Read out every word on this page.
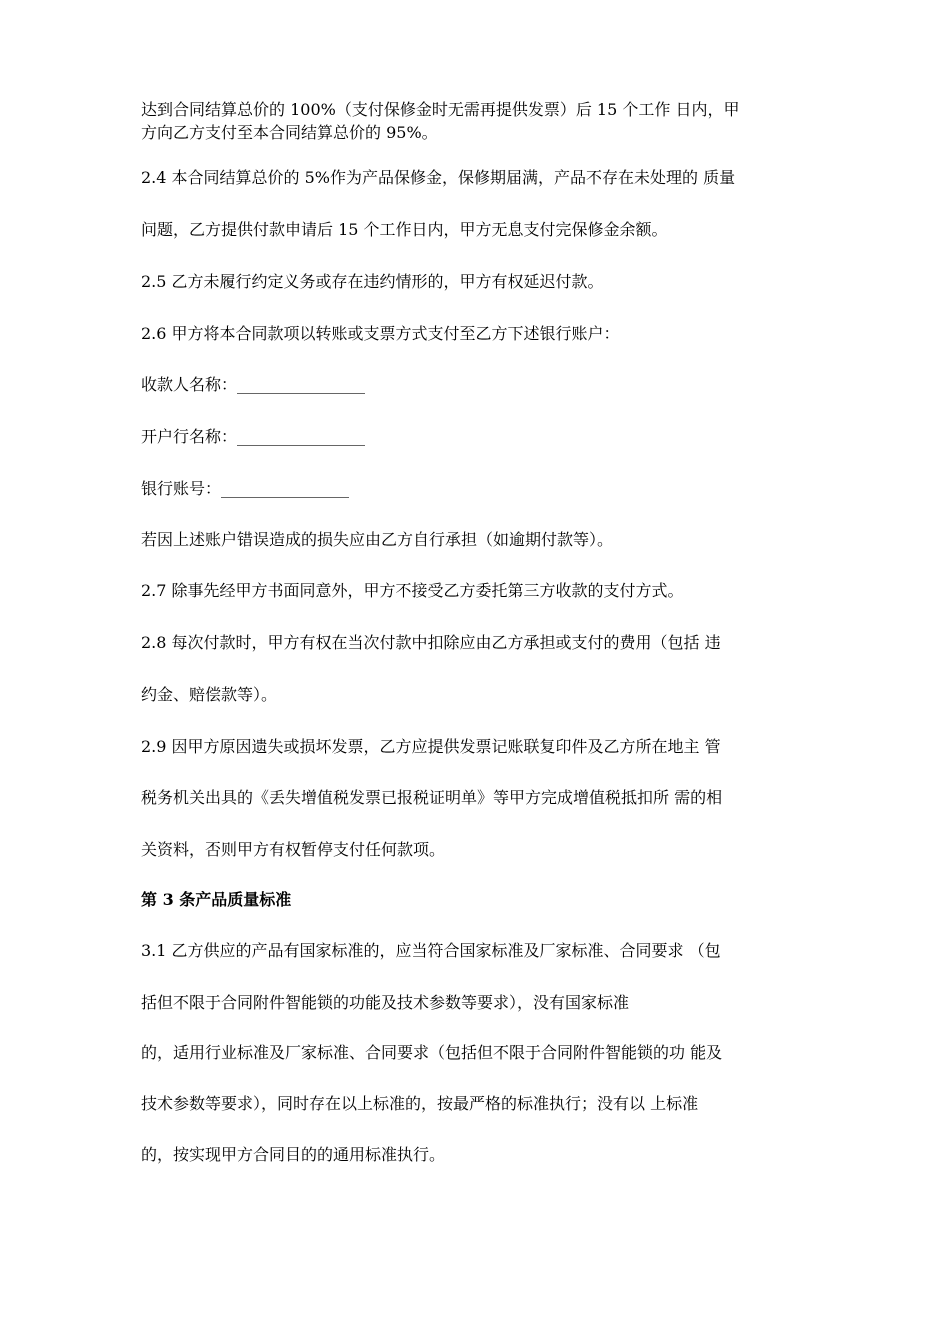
达到合同结算总价的 100%（支付保修金时无需再提供发票）后 15 个工作 日内，甲
方向乙方支付至本合同结算总价的 95%。
2.4 本合同结算总价的 5%作为产品保修金，保修期届满，产品不存在未处理的 质量
问题，乙方提供付款申请后 15 个工作日内，甲方无息支付完保修金余额。
2.5 乙方未履行约定义务或存在违约情形的，甲方有权延迟付款。
2.6 甲方将本合同款项以转账或支票方式支付至乙方下述银行账户：
收款人名称：________________
开户行名称：________________
银行账号：________________
若因上述账户错误造成的损失应由乙方自行承担（如逾期付款等）。
2.7 除事先经甲方书面同意外，甲方不接受乙方委托第三方收款的支付方式。
2.8 每次付款时，甲方有权在当次付款中扣除应由乙方承担或支付的费用（包括 违
约金、赔偿款等）。
2.9 因甲方原因遗失或损坏发票，乙方应提供发票记账联复印件及乙方所在地主 管
税务机关出具的《丢失增值税发票已报税证明单》等甲方完成增值税抵扣所 需的相
关资料，否则甲方有权暂停支付任何款项。
第 3 条产品质量标准
3.1 乙方供应的产品有国家标准的，应当符合国家标准及厂家标准、合同要求 （包
括但不限于合同附件智能锁的功能及技术参数等要求），没有国家标准
的，适用行业标准及厂家标准、合同要求（包括但不限于合同附件智能锁的功 能及
技术参数等要求），同时存在以上标准的，按最严格的标准执行；没有以 上标准
的，按实现甲方合同目的的通用标准执行。
